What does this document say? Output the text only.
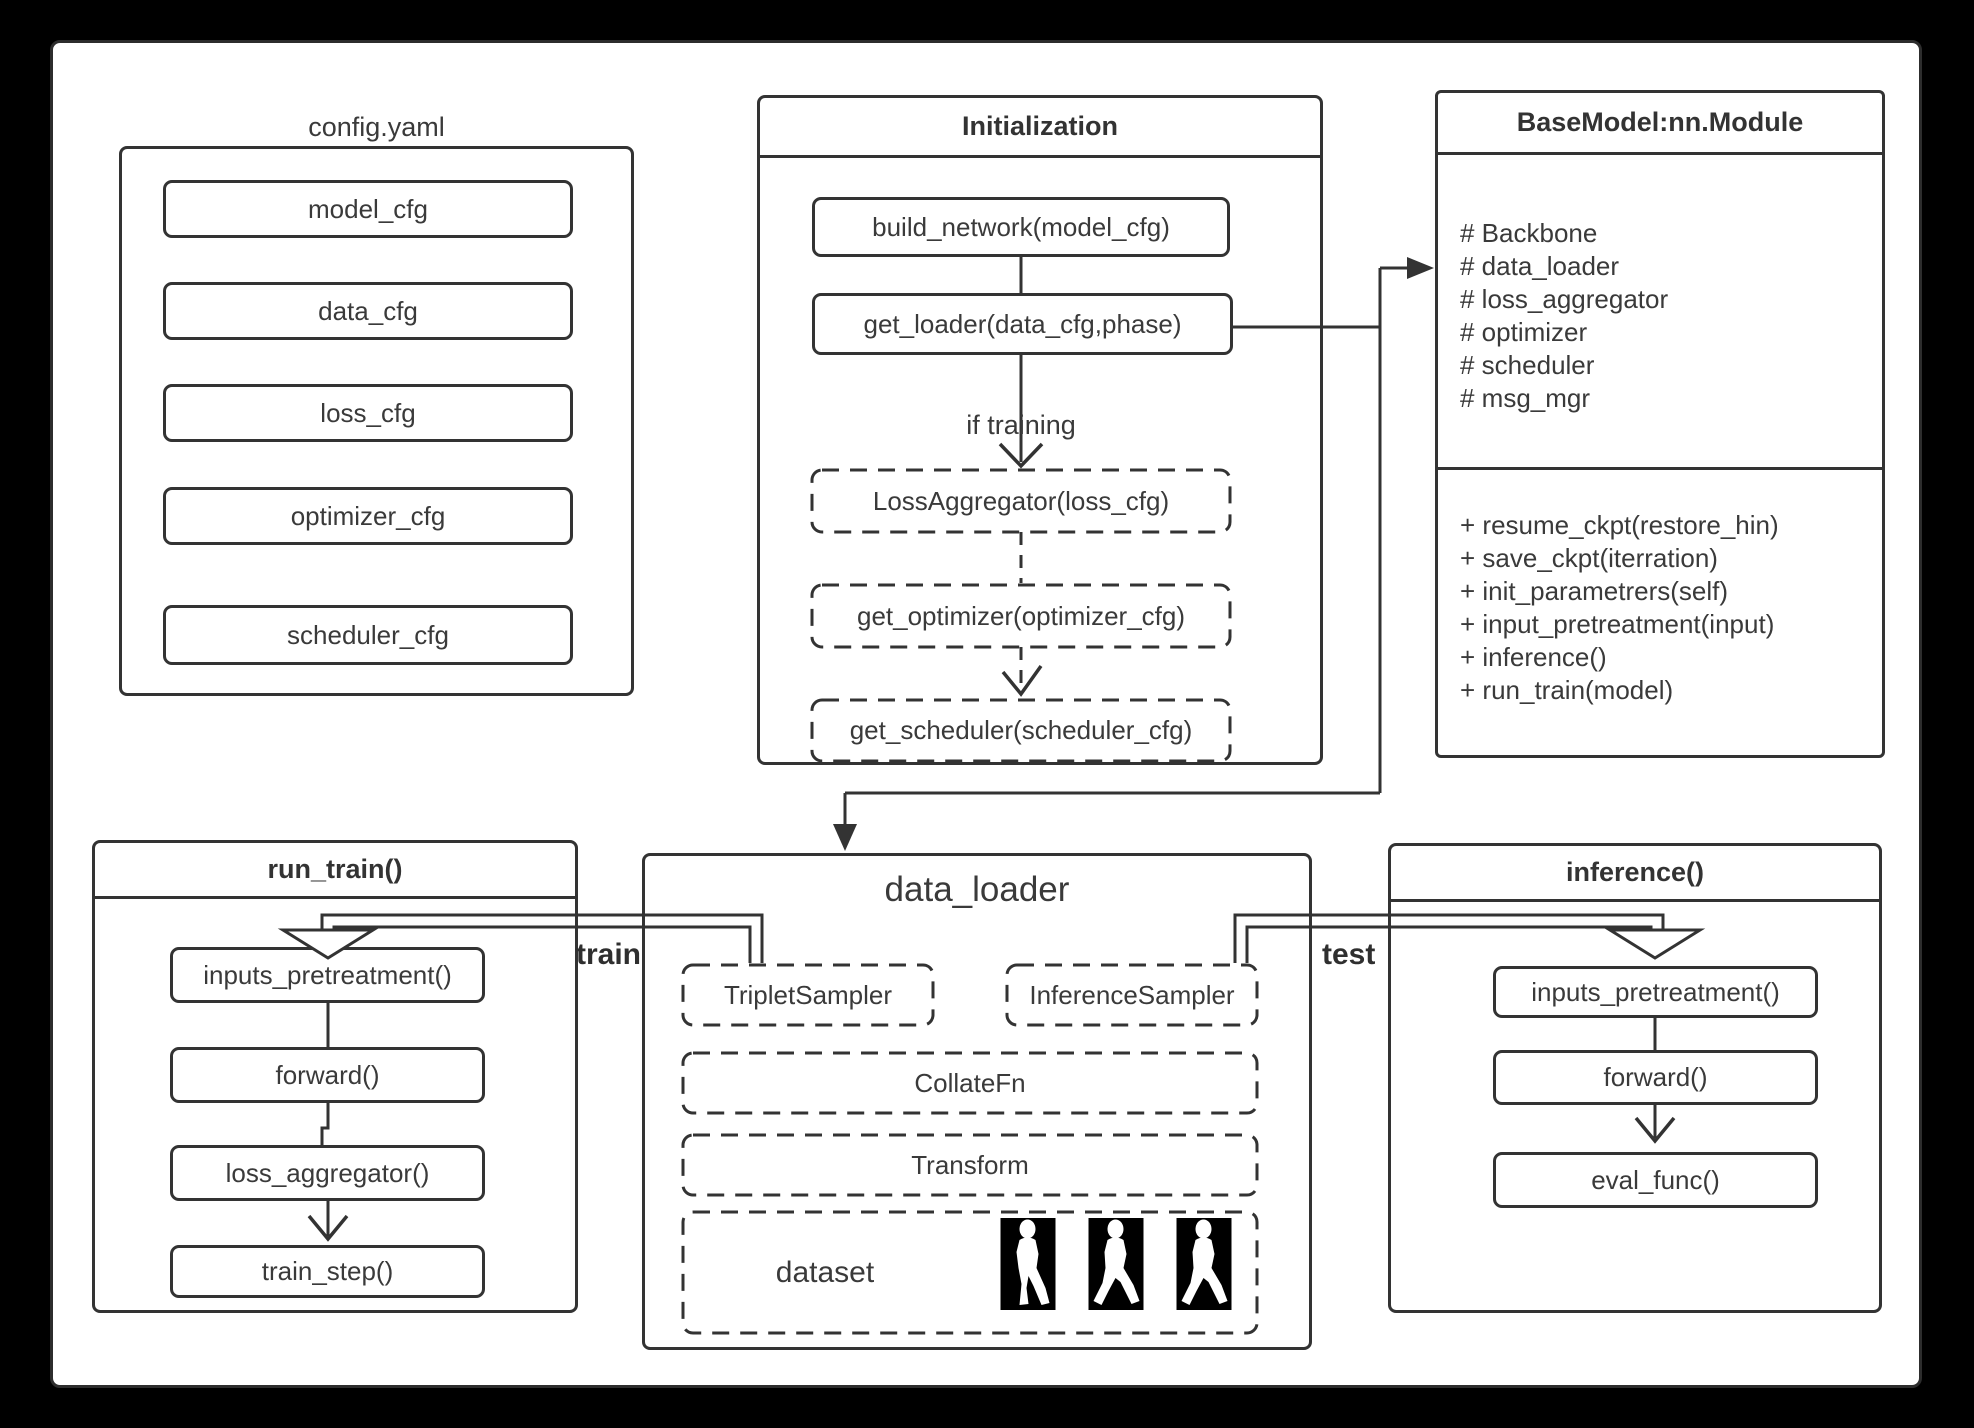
config.yaml
model_cfg
data_cfg
loss_cfg
optimizer_cfg
scheduler_cfg
Initialization
build_network(model_cfg)
get_loader(data_cfg,phase)
if training
LossAggregator(loss_cfg)
get_optimizer(optimizer_cfg)
get_scheduler(scheduler_cfg)
BaseModel:nn.Module
# Backbone
# data_loader
# loss_aggregator
# optimizer
# scheduler
# msg_mgr
+ resume_ckpt(restore_hin)
+ save_ckpt(iterration)
+ init_parametrers(self)
+ input_pretreatment(input)
+ inference()
+ run_train(model)
run_train()
inputs_pretreatment()
forward()
loss_aggregator()
train_step()
data_loader
TripletSampler	InferenceSampler
CollateFn
Transform
dataset
inference()
inputs_pretreatment()
forward()
eval_func()
train	test
